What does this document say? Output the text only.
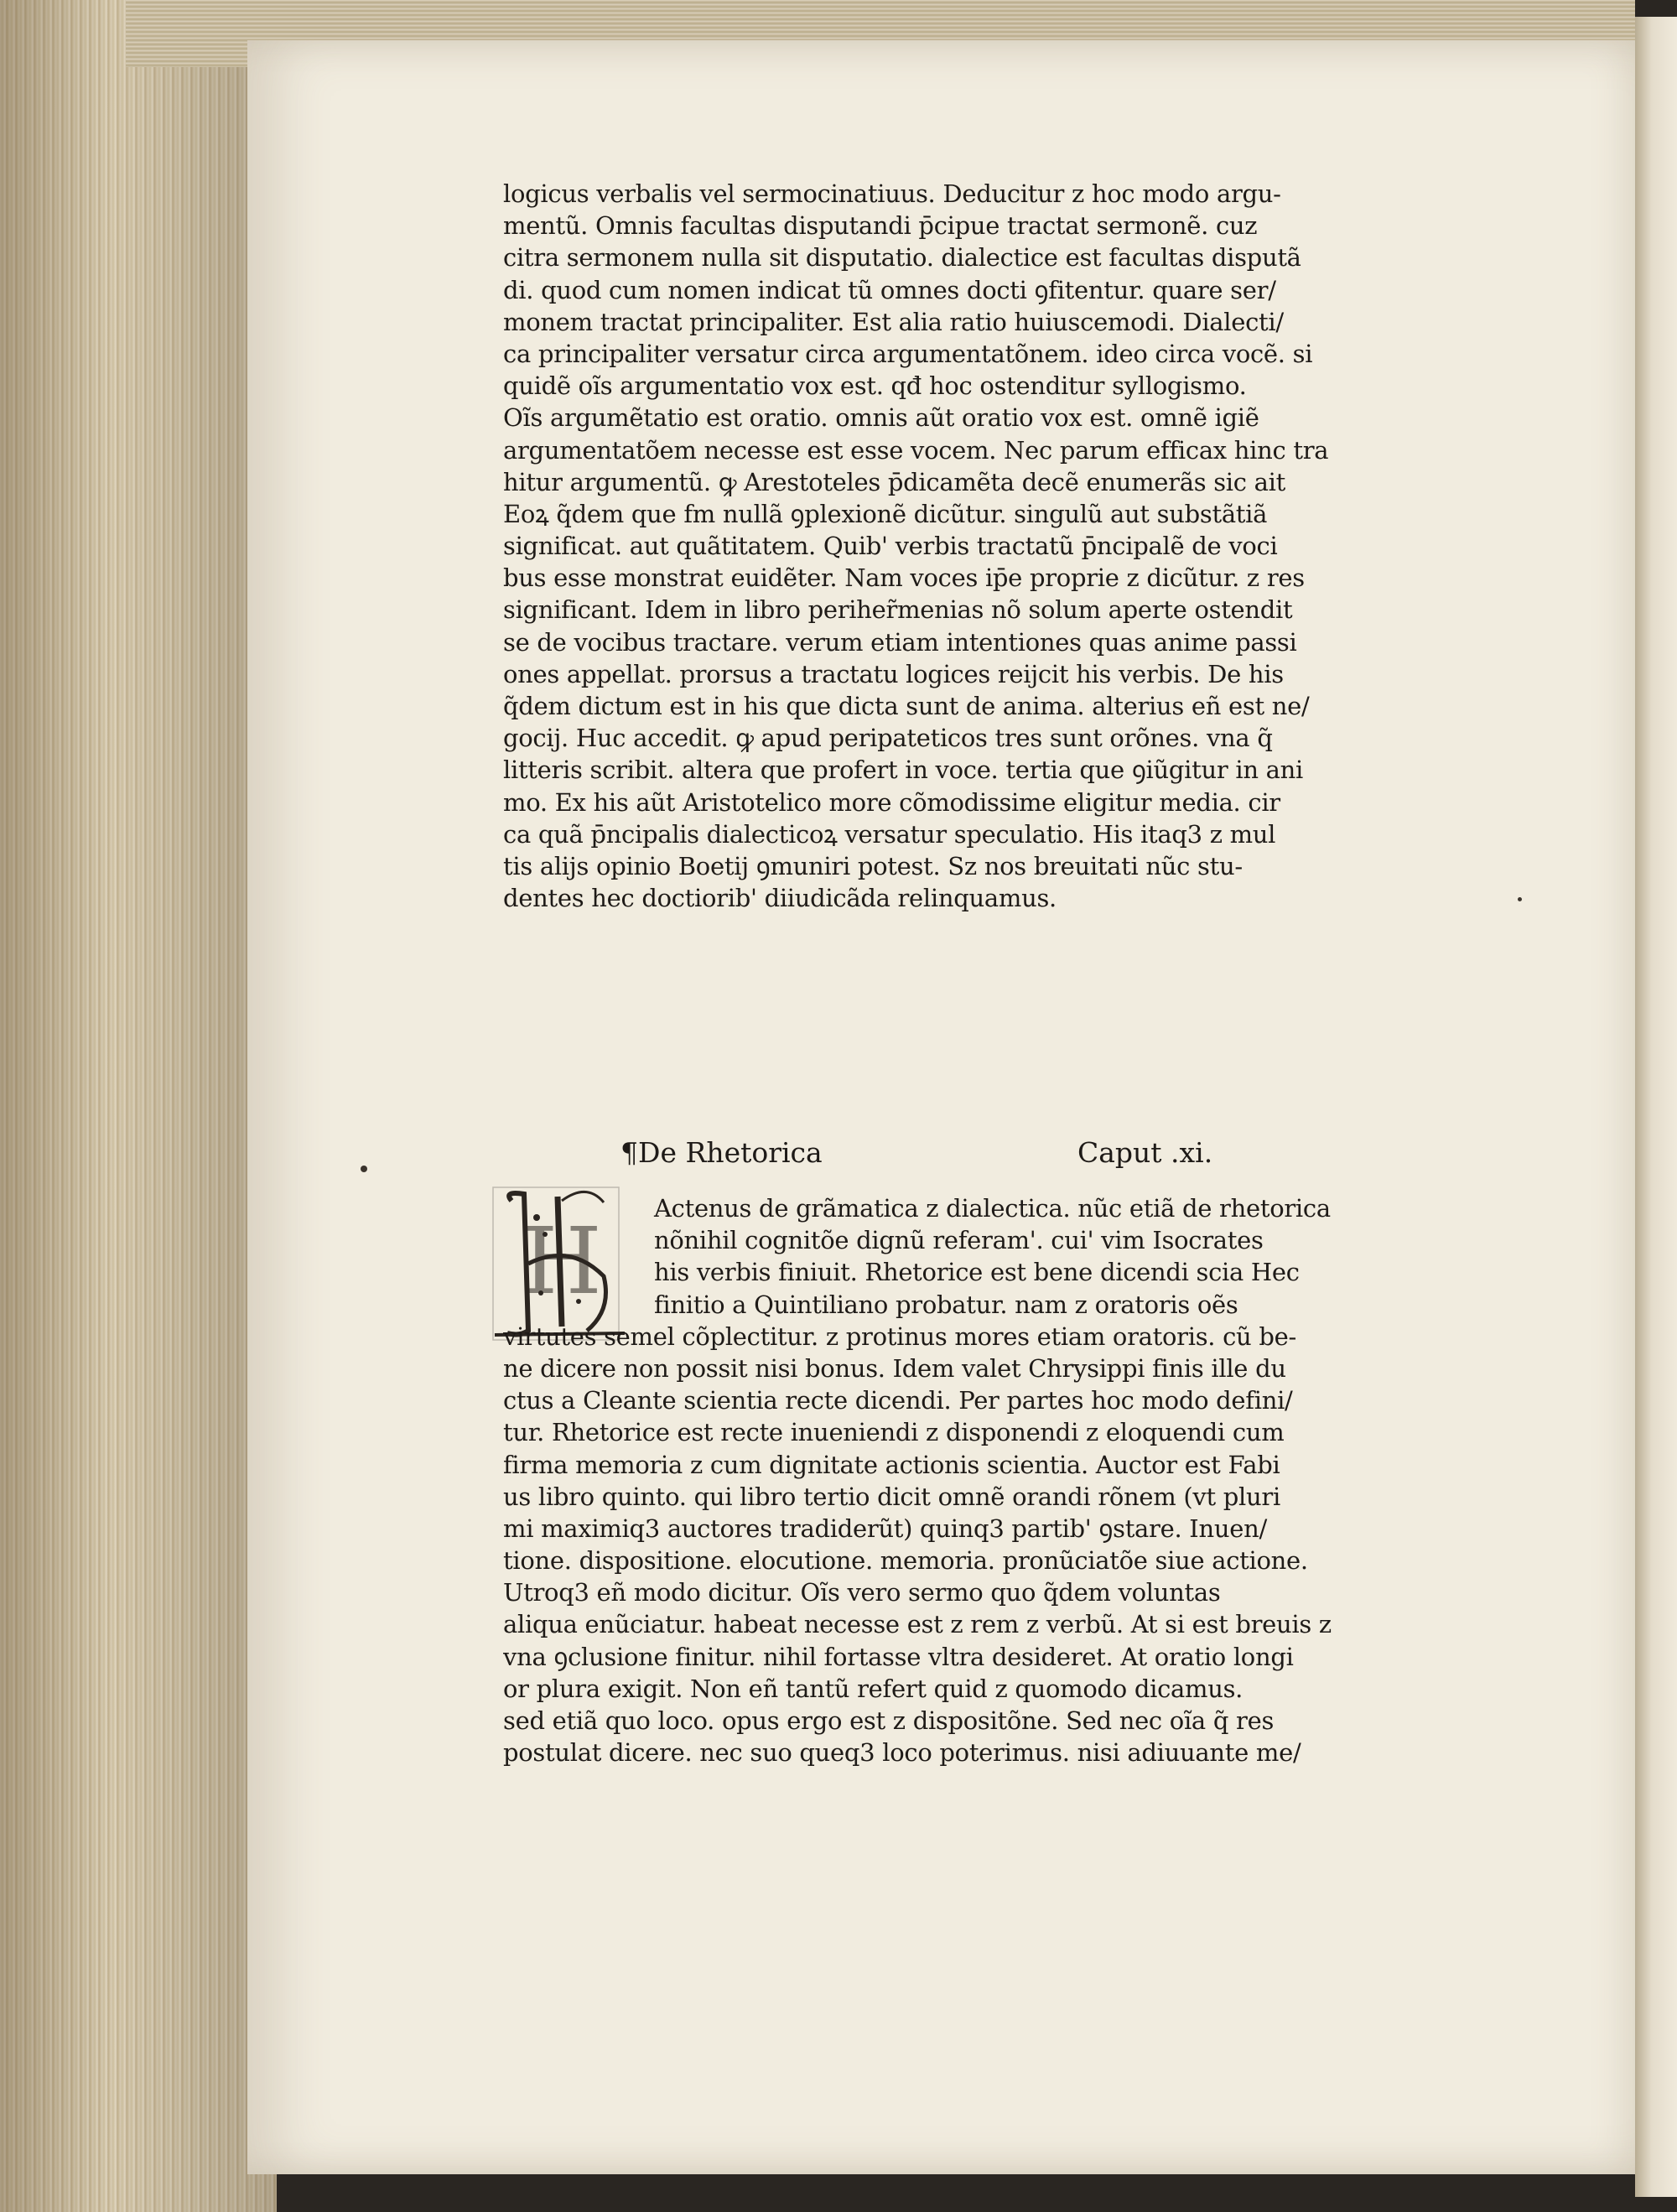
logicus verbalis vel sermocinatiuus. Deducitur z hoc modo argu-
mentũ. Omnis facultas disputandi p̄cipue tractat sermonẽ. cuz
citra sermonem nulla sit disputatio. dialectice est facultas disputã
di. quod cum nomen indicat tũ omnes docti ꝯfitentur. quare ser/
monem tractat principaliter. Est alia ratio huiuscemodi. Dialecti/
ca principaliter versatur circa argumentatõnem. ideo circa vocẽ. si
quidẽ oĩs argumentatio vox est. qđ hoc ostenditur syllogismo.
Oĩs argumẽtatio est oratio. omnis aũt oratio vox est. omnẽ igiẽ
argumentatõem necesse est esse vocem. Nec parum efficax hinc tra
hitur argumentũ. ꝙ Arestoteles p̄dicamẽta decẽ enumerãs sic ait
Eoꝝ q̃dem que fm nullã ꝯplexionẽ dicũtur. singulũ aut substãtiã
significat. aut quãtitatem. Quib' verbis tractatũ p̄ncipalẽ de voci
bus esse monstrat euidẽter. Nam voces ip̄e proprie z dicũtur. z res
significant. Idem in libro periher̃menias nõ solum aperte ostendit
se de vocibus tractare. verum etiam intentiones quas anime passi
ones appellat. prorsus a tractatu logices reijcit his verbis. De his
q̃dem dictum est in his que dicta sunt de anima. alterius eñ est ne/
gocij. Huc accedit. ꝙ apud peripateticos tres sunt orõnes. vna q̃
litteris scribit. altera que profert in voce. tertia que ꝯiũgitur in ani
mo. Ex his aũt Aristotelico more cõmodissime eligitur media. cir
ca quã p̄ncipalis dialecticoꝝ versatur speculatio. His itaq3 z mul
tis alijs opinio Boetij ꝯmuniri potest. Sz nos breuitati nũc stu-
dentes hec doctiorib' diiudicãda relinquamus.
¶De Rhetorica	Caput .xi.
H	Actenus de grãmatica z dialectica. nũc etiã de rhetorica
nõnihil cognitõe dignũ referam'. cui' vim Isocrates
his verbis finiuit. Rhetorice est bene dicendi scia Hec
finitio a Quintiliano probatur. nam z oratoris oẽs
virtutes semel cõplectitur. z protinus mores etiam oratoris. cũ be-
ne dicere non possit nisi bonus. Idem valet Chrysippi finis ille du
ctus a Cleante scientia recte dicendi. Per partes hoc modo defini/
tur. Rhetorice est recte inueniendi z disponendi z eloquendi cum
firma memoria z cum dignitate actionis scientia. Auctor est Fabi
us libro quinto. qui libro tertio dicit omnẽ orandi rõnem (vt pluri
mi maximiq3 auctores tradiderũt) quinq3 partib' ꝯstare. Inuen/
tione. dispositione. elocutione. memoria. pronũciatõe siue actione.
Utroq3 eñ modo dicitur. Oĩs vero sermo quo q̃dem voluntas
aliqua enũciatur. habeat necesse est z rem z verbũ. At si est breuis z
vna ꝯclusione finitur. nihil fortasse vltra desideret. At oratio longi
or plura exigit. Non eñ tantũ refert quid z quomodo dicamus.
sed etiã quo loco. opus ergo est z dispositõne. Sed nec oĩa q̃ res
postulat dicere. nec suo queq3 loco poterimus. nisi adiuuante me/
